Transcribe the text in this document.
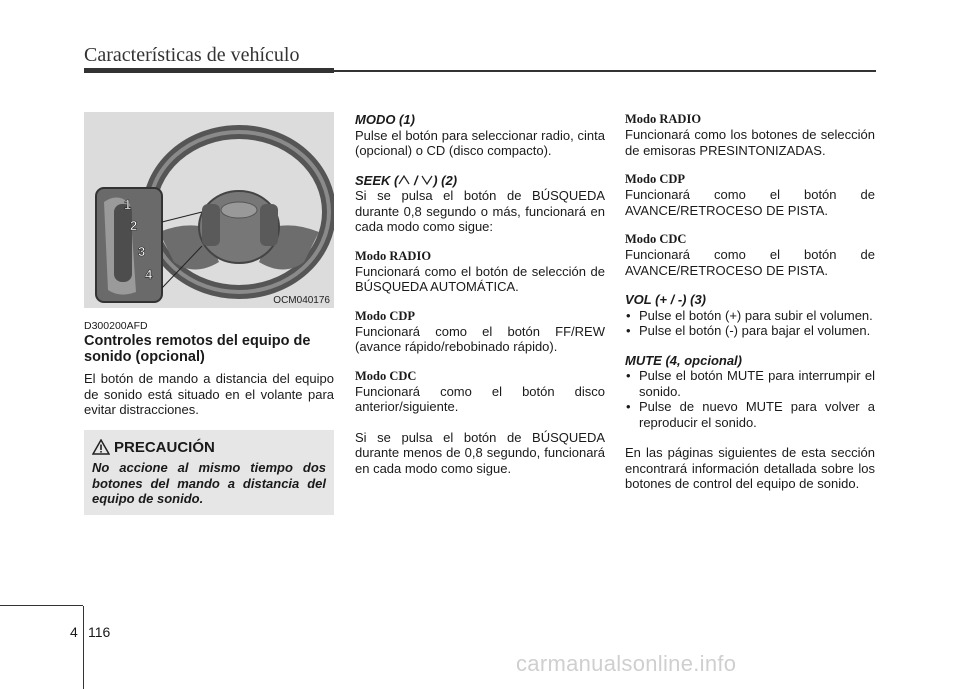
Características de vehículo
1
2
3
4
OCM040176
D300200AFD
Controles remotos del equipo de sonido (opcional)
El botón de mando a distancia del equipo de sonido está situado en el volante para evitar distracciones.
PRECAUCIÓN
No accione al mismo tiempo dos botones del mando a distancia del equipo de sonido.
MODO (1)
Pulse el botón para seleccionar radio, cinta (opcional) o CD (disco compacto).
SEEK ( / ) (2)
Si se pulsa el botón de BÚSQUEDA durante 0,8 segundo o más, funcionará en cada modo como sigue:
Modo RADIO
Funcionará como el botón de selección de BÚSQUEDA AUTOMÁTICA.
Modo CDP
Funcionará como el botón FF/REW (avance rápido/rebobinado rápido).
Modo CDC
Funcionará como el botón disco anterior/siguiente.
Si se pulsa el botón de BÚSQUEDA durante menos de 0,8 segundo, funcionará en cada modo como sigue.
Modo RADIO
Funcionará como los botones de selección de emisoras PRESINTONIZADAS.
Modo CDP
Funcionará como el botón de AVANCE/RETROCESO DE PISTA.
Modo CDC
Funcionará como el botón de AVANCE/RETROCESO DE PISTA.
VOL (+ / -) (3)
• Pulse el botón (+) para subir el volumen.
• Pulse el botón (-) para bajar el volumen.
MUTE (4, opcional)
• Pulse el botón MUTE para interrumpir el sonido.
• Pulse de nuevo MUTE para volver a reproducir el sonido.
En las páginas siguientes de esta sección encontrará información detallada sobre los botones de control del equipo de sonido.
4 116
carmanualsonline.info
